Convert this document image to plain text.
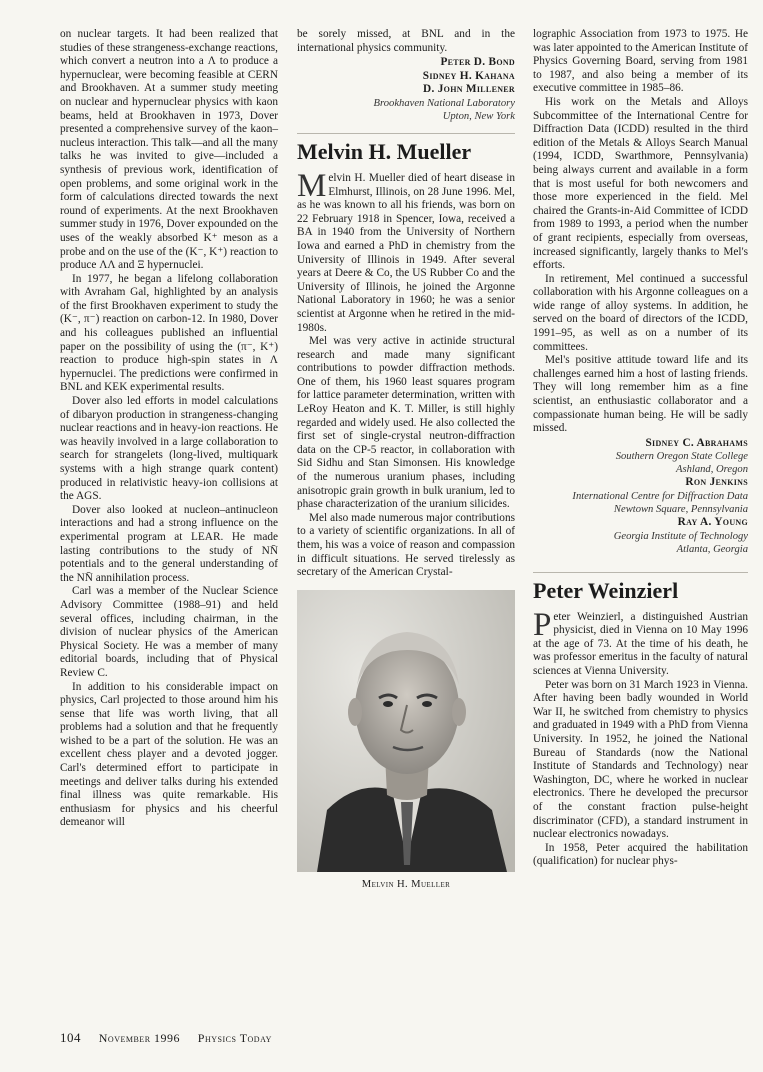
on nuclear targets. It had been realized that studies of these strangeness-exchange reactions, which convert a neutron into a Λ to produce a hypernuclear, were becoming feasible at CERN and Brookhaven. At a summer study meeting on nuclear and hypernuclear physics with kaon beams, held at Brookhaven in 1973, Dover presented a comprehensive survey of the kaon–nucleus interaction. This talk—and all the many talks he was invited to give—included a synthesis of previous work, identification of open problems, and some original work in the form of calculations directed towards the next round of experiments. At the next Brookhaven summer study in 1976, Dover expounded on the uses of the weakly absorbed K⁺ meson as a probe and on the use of the (K⁻, K⁺) reaction to produce ΛΛ and Ξ hypernuclei.

In 1977, he began a lifelong collaboration with Avraham Gal, highlighted by an analysis of the first Brookhaven experiment to study the (K⁻, π⁻) reaction on carbon-12. In 1980, Dover and his colleagues published an influential paper on the possibility of using the (π⁻, K⁺) reaction to produce high-spin states in Λ hypernuclei. The predictions were confirmed in BNL and KEK experimental results.

Dover also led efforts in model calculations of dibaryon production in strangeness-changing nuclear reactions and in heavy-ion reactions. He was heavily involved in a large collaboration to search for strangelets (long-lived, multiquark systems with a high strange quark content) produced in relativistic heavy-ion collisions at the AGS.

Dover also looked at nucleon–antinucleon interactions and had a strong influence on the experimental program at LEAR. He made lasting contributions to the study of NN̄ potentials and to the general understanding of the NN̄ annihilation process.

Carl was a member of the Nuclear Science Advisory Committee (1988–91) and held several offices, including chairman, in the division of nuclear physics of the American Physical Society. He was a member of many editorial boards, including that of Physical Review C.

In addition to his considerable impact on physics, Carl projected to those around him his sense that life was worth living, that all problems had a solution and that he frequently wished to be a part of the solution. He was an excellent chess player and a devoted jogger. Carl's determined effort to participate in meetings and deliver talks during his extended final illness was quite remarkable. His enthusiasm for physics and his cheerful demeanor will

be sorely missed, at BNL and in the international physics community.

Peter D. Bond
Sidney H. Kahana
D. John Millener
Brookhaven National Laboratory
Upton, New York
Melvin H. Mueller

Melvin H. Mueller died of heart disease in Elmhurst, Illinois, on 28 June 1996. Mel, as he was known to all his friends, was born on 22 February 1918 in Spencer, Iowa, received a BA in 1940 from the University of Northern Iowa and earned a PhD in chemistry from the University of Illinois in 1949. After several years at Deere & Co, the US Rubber Co and the University of Illinois, he joined the Argonne National Laboratory in 1960; he was a senior scientist at Argonne when he retired in the mid-1980s.

Mel was very active in actinide structural research and made many significant contributions to powder diffraction methods. One of them, his 1960 least squares program for lattice parameter determination, written with LeRoy Heaton and K. T. Miller, is still highly regarded and widely used. He also collected the first set of single-crystal neutron-diffraction data on the CP-5 reactor, in collaboration with Sid Sidhu and Stan Simonsen. His knowledge of the numerous uranium phases, including anisotropic grain growth in bulk uranium, led to phase characterization of the uranium silicides.

Mel also made numerous major contributions to a variety of scientific organizations. In all of them, his was a voice of reason and compassion in difficult situations. He served tirelessly as secretary of the American Crystal-

Melvin H. Mueller

lographic Association from 1973 to 1975. He was later appointed to the American Institute of Physics Governing Board, serving from 1981 to 1987, and also being a member of its executive committee in 1985–86.

His work on the Metals and Alloys Subcommittee of the International Centre for Diffraction Data (ICDD) resulted in the third edition of the Metals & Alloys Search Manual (1994, ICDD, Swarthmore, Pennsylvania) being always current and available in a form that is most useful for both newcomers and those more experienced in the field. Mel chaired the Grants-in-Aid Committee of ICDD from 1989 to 1993, a period when the number of grant recipients, especially from overseas, increased significantly, largely thanks to Mel's efforts.

In retirement, Mel continued a successful collaboration with his Argonne colleagues on a wide range of alloy systems. In addition, he served on the board of directors of the ICDD, 1991–95, as well as on a number of its committees.

Mel's positive attitude toward life and its challenges earned him a host of lasting friends. They will long remember him as a fine scientist, an enthusiastic collaborator and a compassionate human being. He will be sadly missed.

Sidney C. Abrahams
Southern Oregon State College
Ashland, Oregon
Ron Jenkins
International Centre for Diffraction Data
Newtown Square, Pennsylvania
Ray A. Young
Georgia Institute of Technology
Atlanta, Georgia
Peter Weinzierl

Peter Weinzierl, a distinguished Austrian physicist, died in Vienna on 10 May 1996 at the age of 73. At the time of his death, he was professor emeritus in the faculty of natural sciences at Vienna University.

Peter was born on 31 March 1923 in Vienna. After having been badly wounded in World War II, he switched from chemistry to physics and graduated in 1949 with a PhD from Vienna University. In 1952, he joined the National Bureau of Standards (now the National Institute of Standards and Technology) near Washington, DC, where he worked in nuclear electronics. There he developed the precursor of the constant fraction pulse-height discriminator (CFD), a standard instrument in nuclear electronics nowadays.

In 1958, Peter acquired the habilitation (qualification) for nuclear phys-

104 November 1996 Physics Today
